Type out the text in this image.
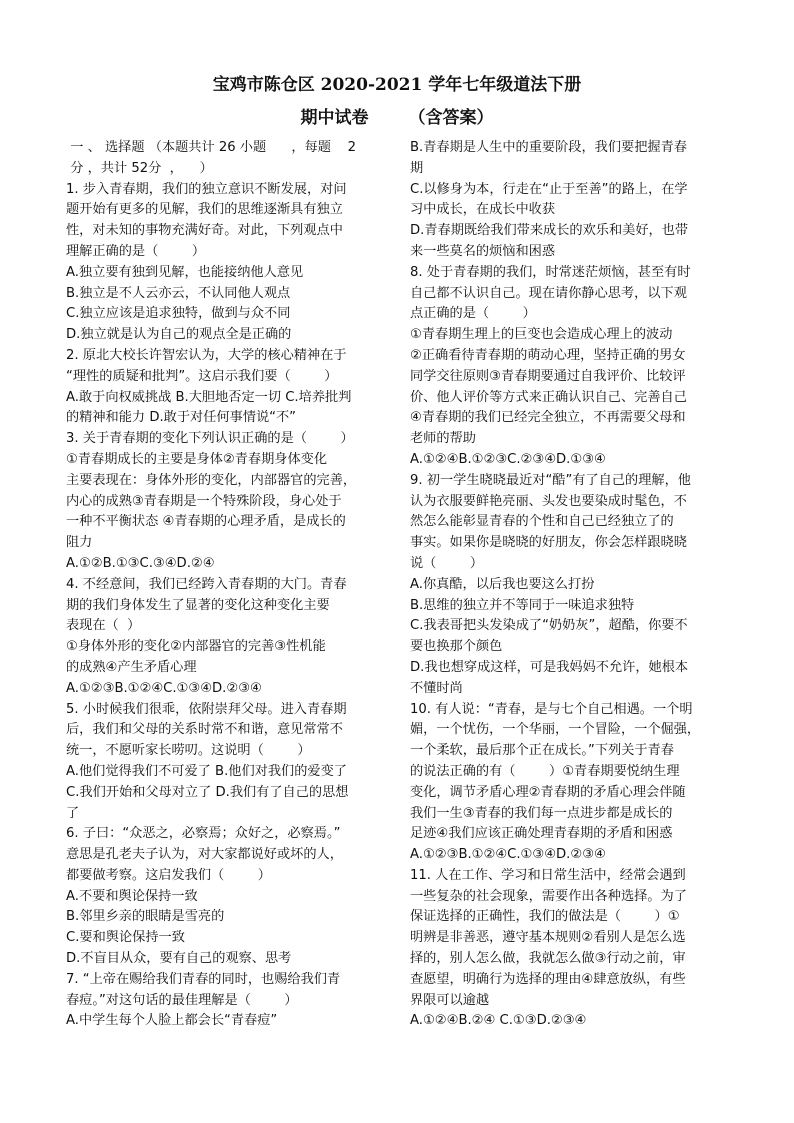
宝鸡市陈仓区 2020-2021 学年七年级道法下册
期中试卷 （含答案）
一 、 选择题 （本题共计 26 小题      ，每题    2
分 ，共计 52分  ，    ）
1. 步入青春期，我们的独立意识不断发展，对问
题开始有更多的见解，我们的思维逐渐具有独立
性，对未知的事物充满好奇。对此，下列观点中
理解正确的是（        ）
A.独立要有独到见解，也能接纳他人意见
B.独立是不人云亦云，不认同他人观点
C.独立应该是追求独特，做到与众不同
D.独立就是认为自己的观点全是正确的
2. 原北大校长许智宏认为，大学的核心精神在于
“理性的质疑和批判”。这启示我们要（        ）
A.敢于向权威挑战 B.大胆地否定一切 C.培养批判
的精神和能力 D.敢于对任何事情说“不”
3. 关于青春期的变化下列认识正确的是（        ）
①青春期成长的主要是身体②青春期身体变化
主要表现在：身体外形的变化，内部器官的完善，
内心的成熟③青春期是一个特殊阶段，身心处于
一种不平衡状态 ④青春期的心理矛盾，是成长的
阻力
A.①②B.①③C.③④D.②④
4. 不经意间，我们已经跨入青春期的大门。青春
期的我们身体发生了显著的变化这种变化主要
表现在（  ）
①身体外形的变化②内部器官的完善③性机能
的成熟④产生矛盾心理
A.①②③B.①②④C.①③④D.②③④
5. 小时候我们很乖，依附崇拜父母。进入青春期
后，我们和父母的关系时常不和谐，意见常常不
统一，不愿听家长唠叨。这说明（        ）
A.他们觉得我们不可爱了 B.他们对我们的爱变了
C.我们开始和父母对立了 D.我们有了自己的思想
了
6. 子曰：“众恶之，必察焉；众好之，必察焉。”
意思是孔老夫子认为，对大家都说好或坏的人，
都要做考察。这启发我们（        ）
A.不要和舆论保持一致
B.邻里乡亲的眼睛是雪亮的
C.要和舆论保持一致
D.不盲目从众，要有自己的观察、思考
7. “上帝在赐给我们青春的同时，也赐给我们青
春痘。”对这句话的最佳理解是（        ）
A.中学生每个人脸上都会长“青春痘”
B.青春期是人生中的重要阶段，我们要把握青春
期
C.以修身为本，行走在“止于至善”的路上，在学
习中成长，在成长中收获
D.青春期既给我们带来成长的欢乐和美好，也带
来一些莫名的烦恼和困惑
8. 处于青春期的我们，时常迷茫烦恼，甚至有时
自己都不认识自己。现在请你静心思考，以下观
点正确的是（        ）
①青春期生理上的巨变也会造成心理上的波动
②正确看待青春期的萌动心理，坚持正确的男女
同学交往原则③青春期要通过自我评价、比较评
价、他人评价等方式来正确认识自己、完善自己
④青春期的我们已经完全独立，不再需要父母和
老师的帮助
A.①②④B.①②③C.②③④D.①③④
9. 初一学生晓晓最近对“酷”有了自己的理解，他
认为衣服要鲜艳亮丽、头发也要染成时髦色，不
然怎么能彰显青春的个性和自己已经独立了的
事实。如果你是晓晓的好朋友，你会怎样跟晓晓
说（        ）
A.你真酷，以后我也要这么打扮
B.思维的独立并不等同于一味追求独特
C.我表哥把头发染成了“奶奶灰”，超酷，你要不
要也换那个颜色
D.我也想穿成这样，可是我妈妈不允许，她根本
不懂时尚
10. 有人说：“青春，是与七个自己相遇。一个明
媚，一个忧伤，一个华丽，一个冒险，一个倔强，
一个柔软，最后那个正在成长。”下列关于青春
的说法正确的有（        ）①青春期要悦纳生理
变化，调节矛盾心理②青春期的矛盾心理会伴随
我们一生③青春的我们每一点进步都是成长的
足迹④我们应该正确处理青春期的矛盾和困惑
A.①②③B.①②④C.①③④D.②③④
11. 人在工作、学习和日常生活中，经常会遇到
一些复杂的社会现象，需要作出各种选择。为了
保证选择的正确性，我们的做法是（        ）①
明辨是非善恶，遵守基本规则②看别人是怎么选
择的，别人怎么做，我就怎么做③行动之前，审
查愿望，明确行为选择的理由④肆意放纵，有些
界限可以逾越
A.①②④B.②④ C.①③D.②③④
